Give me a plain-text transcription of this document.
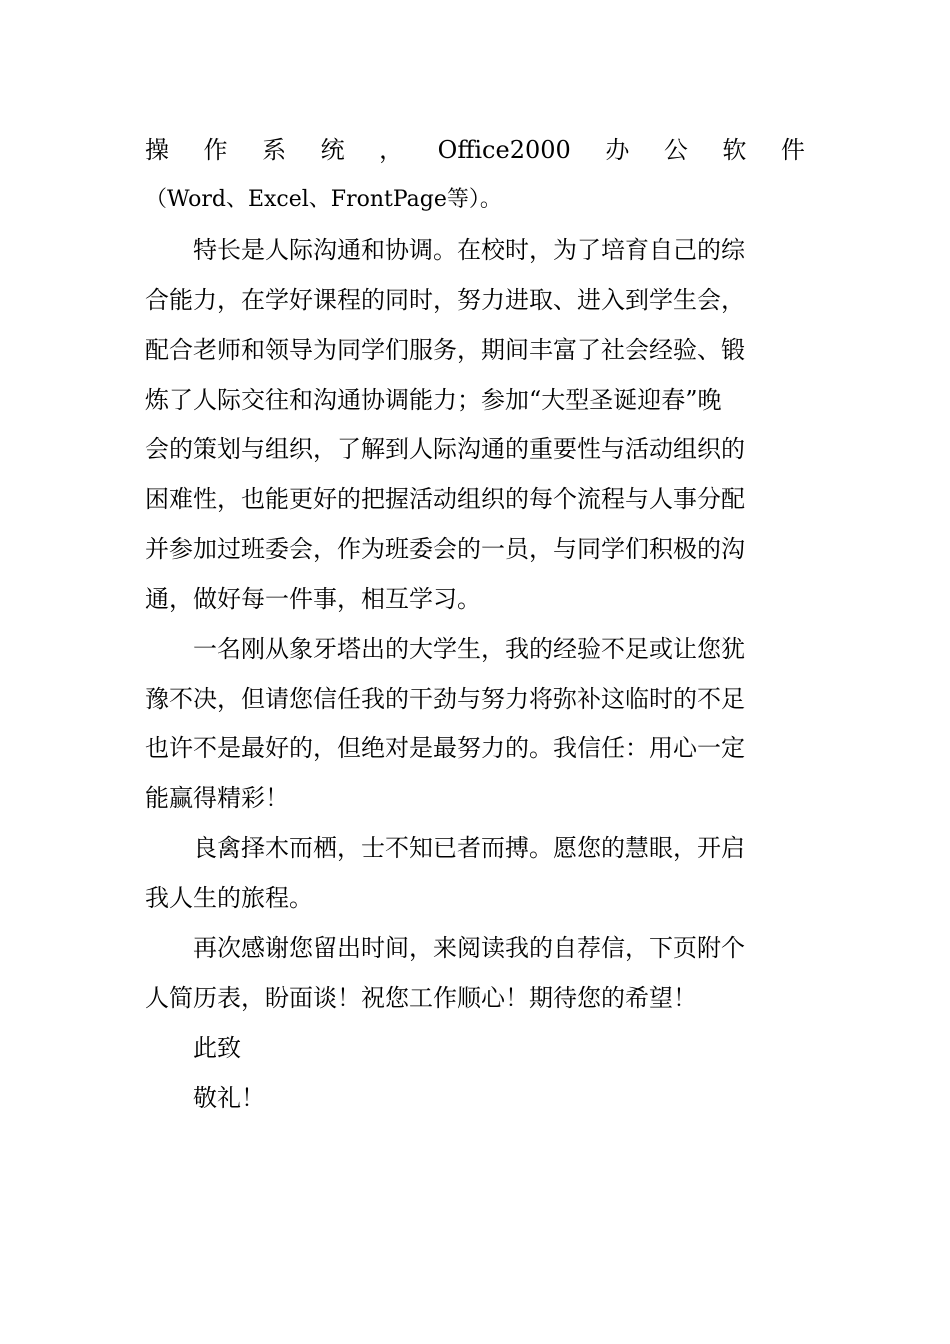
操 作 系 统 ， Office2000 办 公 软 件
（Word、Excel、FrontPage等）。
特长是人际沟通和协调。在校时，为了培育自己的综
合能力，在学好课程的同时，努力进取、进入到学生会，
配合老师和领导为同学们服务，期间丰富了社会经验、锻
炼了人际交往和沟通协调能力；参加“大型圣诞迎春”晚
会的策划与组织，了解到人际沟通的重要性与活动组织的
困难性，也能更好的把握活动组织的每个流程与人事分配
并参加过班委会，作为班委会的一员，与同学们积极的沟
通，做好每一件事，相互学习。
一名刚从象牙塔出的大学生，我的经验不足或让您犹
豫不决，但请您信任我的干劲与努力将弥补这临时的不足
也许不是最好的，但绝对是最努力的。我信任：用心一定
能赢得精彩！
良禽择木而栖，士不知已者而搏。愿您的慧眼，开启
我人生的旅程。
再次感谢您留出时间，来阅读我的自荐信，下页附个
人简历表，盼面谈！祝您工作顺心！期待您的希望！
此致
敬礼！
